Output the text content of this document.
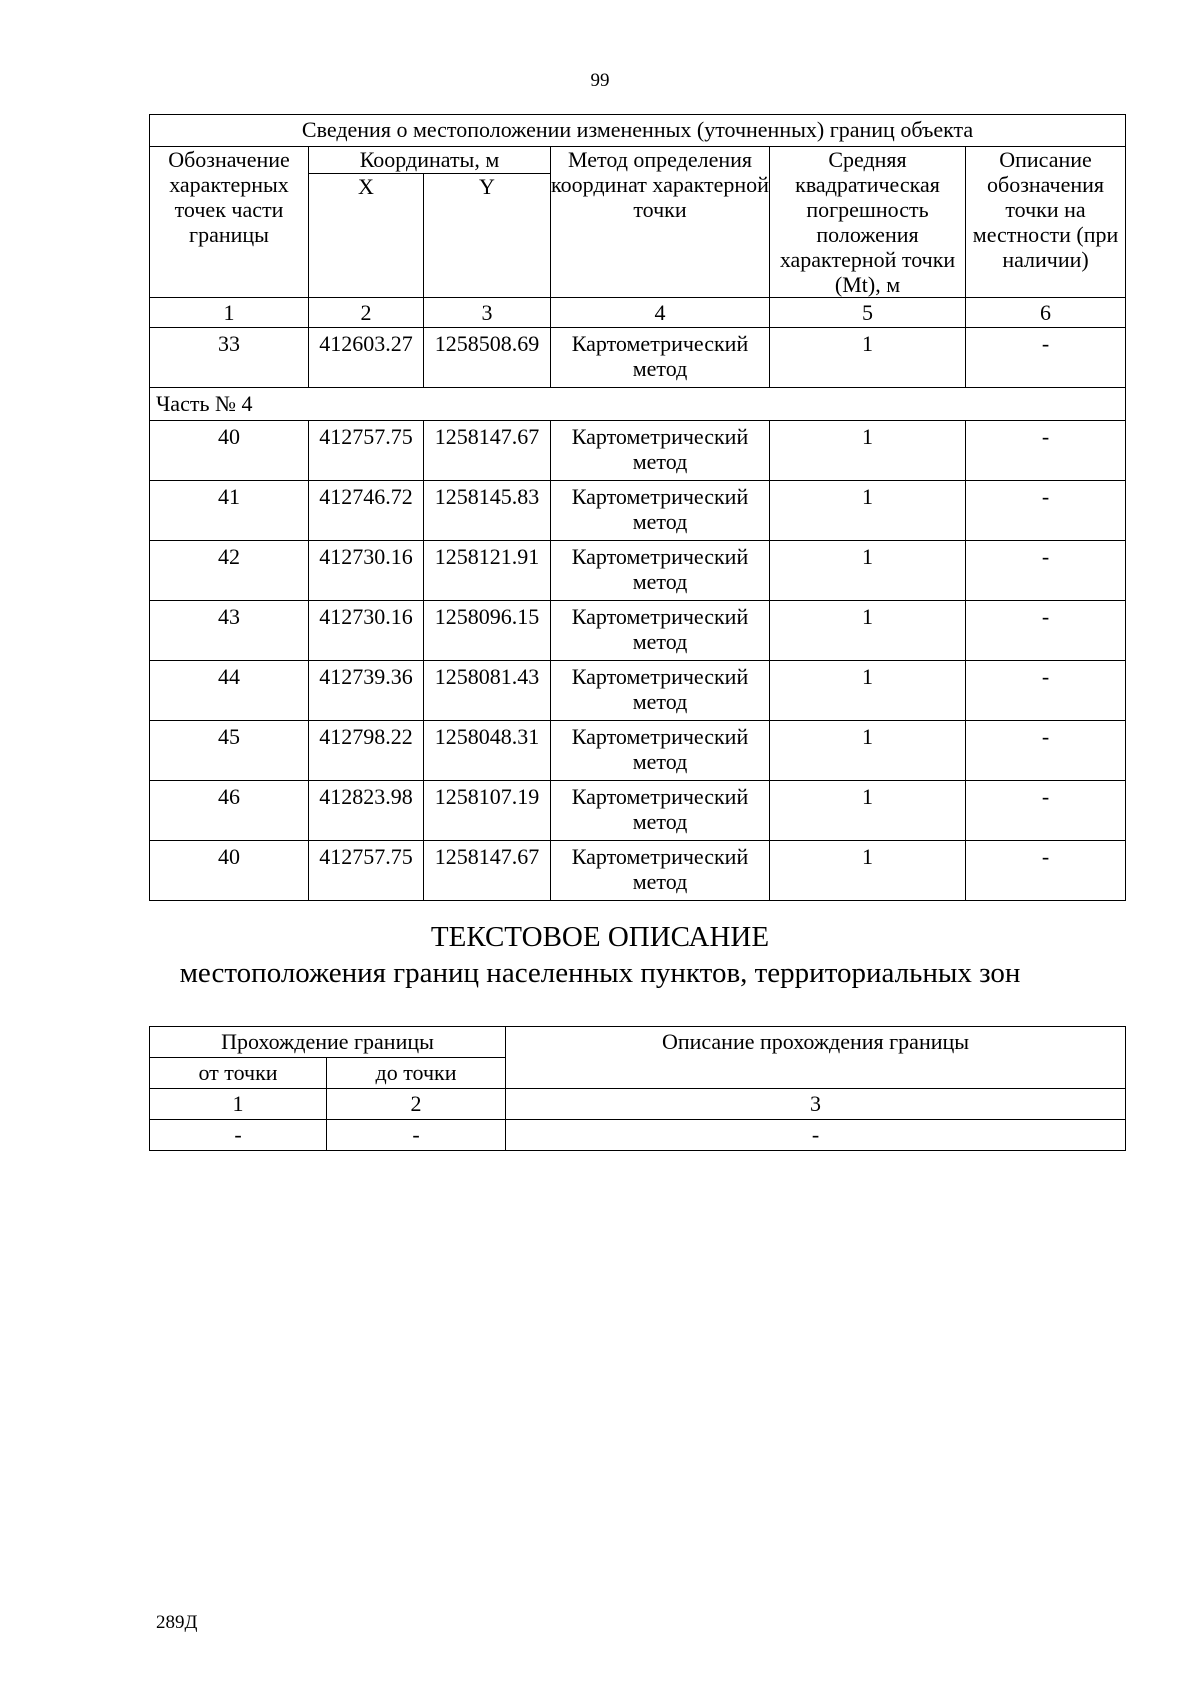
99
Сведения о местоположении измененных (уточненных) границ объекта					
Обозначение характерных точек части границы	Координаты, м		Метод определения координат характерной точки	Средняя квадратическая погрешность положения характерной точки (Mt), м	Описание обозначения точки на местности (при наличии)
	X	Y			
1	2	3	4	5	6
33	412603.27	1258508.69	Картометрический метод	1	-
Часть № 4					
40	412757.75	1258147.67	Картометрический метод	1	-
41	412746.72	1258145.83	Картометрический метод	1	-
42	412730.16	1258121.91	Картометрический метод	1	-
43	412730.16	1258096.15	Картометрический метод	1	-
44	412739.36	1258081.43	Картометрический метод	1	-
45	412798.22	1258048.31	Картометрический метод	1	-
46	412823.98	1258107.19	Картометрический метод	1	-
40	412757.75	1258147.67	Картометрический метод	1	-
ТЕКСТОВОЕ ОПИСАНИЕ
местоположения границ населенных пунктов, территориальных зон
Прохождение границы		Описание прохождения границы
от точки	до точки	
1	2	3
-	-	-
289Д
